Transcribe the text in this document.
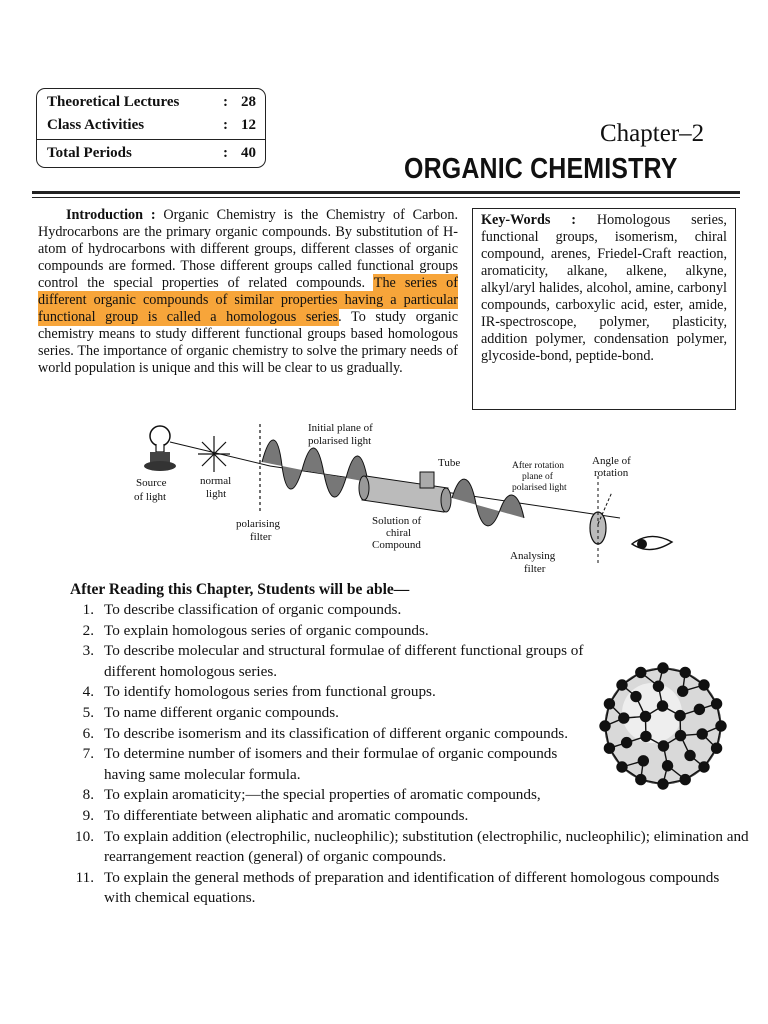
Theoretical Lectures	: 28
Class Activities	: 12
Total Periods	: 40
Chapter–2
ORGANIC CHEMISTRY
Introduction : Organic Chemistry is the Chemistry of Carbon. Hydrocarbons are the primary organic compounds. By substitution of H-atom of hydrocarbons with different groups, different classes of organic compounds are formed. Those different groups called functional groups control the special properties of related compounds. The series of different organic compounds of similar properties having a particular functional group is called a homologous series. To study organic chemistry means to study different functional groups based homologous series. The importance of organic chemistry to solve the primary needs of world population is unique and this will be clear to us gradually.
Key-Words : Homologous series, functional groups, isomerism, chiral compound, arenes, Friedel-Craft reaction, aromaticity, alkane, alkene, alkyne, alkyl/aryl halides, alcohol, amine, carbonyl compounds, carboxylic acid, ester, amide, IR-spectroscope, polymer, plasticity, addition polymer, condensation polymer, glycoside-bond, peptide-bond.
Initial plane of
polarised light
Source
of light
normal
light
polarising
filter
Tube
Solution of
chiral
Compound
After rotation
plane of
polarised light
Angle of
rotation
Analysing
filter
After Reading this Chapter, Students will be able—
1. To describe classification of organic compounds.
2. To explain homologous series of organic compounds.
3. To describe molecular and structural formulae of different functional groups of different homologous series.
4. To identify homologous series from functional groups.
5. To name different organic compounds.
6. To describe isomerism and its classification of different organic compounds.
7. To determine number of isomers and their formulae of organic compounds having same molecular formula.
8. To explain aromaticity;—the special properties of aromatic compounds,
9. To differentiate between aliphatic and aromatic compounds.
10. To explain addition (electrophilic, nucleophilic); substitution (electrophilic, nucleophilic); elimination and rearrangement reaction (general) of organic compounds.
11. To explain the general methods of preparation and identification of different homologous compounds with chemical equations.
